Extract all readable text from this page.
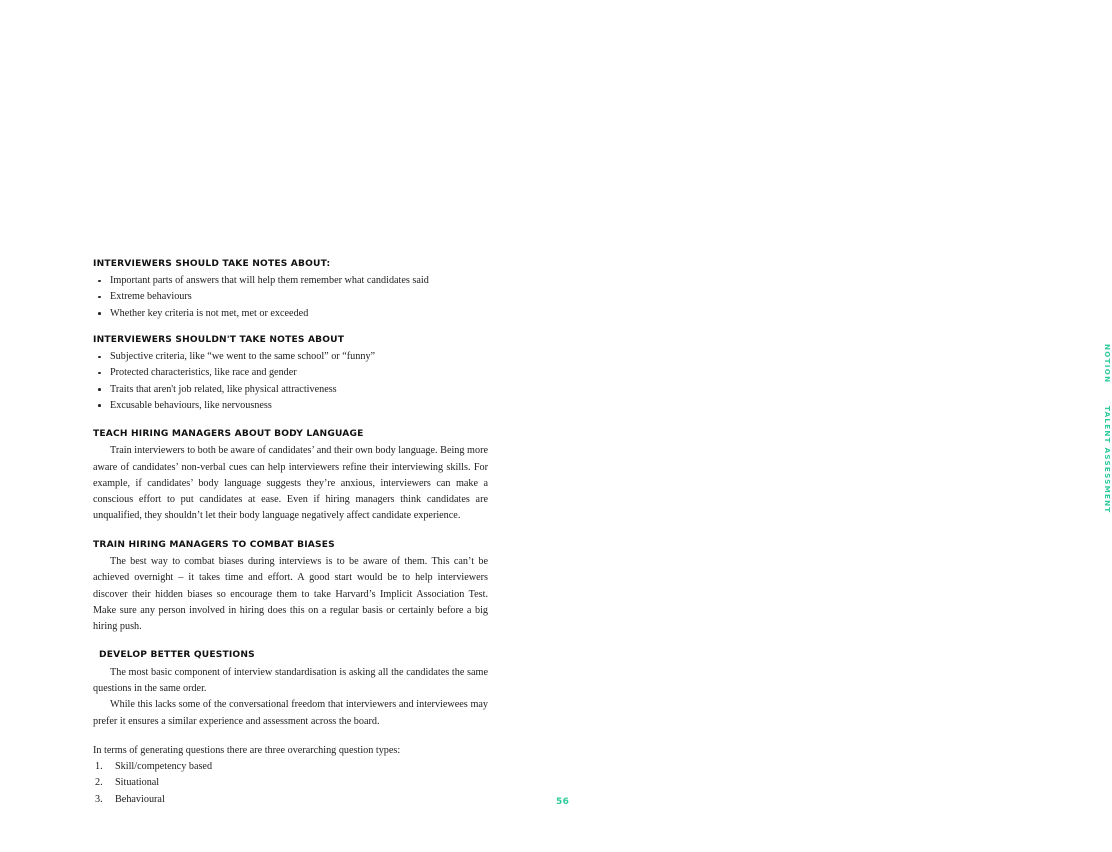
INTERVIEWERS SHOULD TAKE NOTES ABOUT:
Important parts of answers that will help them remember what candidates said
Extreme behaviours
Whether key criteria is not met, met or exceeded
INTERVIEWERS SHOULDN'T TAKE NOTES ABOUT
Subjective criteria, like “we went to the same school” or “funny”
Protected characteristics, like race and gender
Traits that aren't job related, like physical attractiveness
Excusable behaviours, like nervousness
TEACH HIRING MANAGERS ABOUT BODY LANGUAGE

Train interviewers to both be aware of candidates’ and their own body language. Being more aware of candidates’ non-verbal cues can help interviewers refine their interviewing skills. For example, if candidates’ body language suggests they’re anxious, interviewers can make a conscious effort to put candidates at ease. Even if hiring managers think candidates are unqualified, they shouldn’t let their body language negatively affect candidate experience.

TRAIN HIRING MANAGERS TO COMBAT BIASES

The best way to combat biases during interviews is to be aware of them. This can’t be achieved overnight – it takes time and effort. A good start would be to help interviewers discover their hidden biases so encourage them to take Harvard’s Implicit Association Test. Make sure any person involved in hiring does this on a regular basis or certainly before a big hiring push.

DEVELOP BETTER QUESTIONS

The most basic component of interview standardisation is asking all the candidates the same questions in the same order.

While this lacks some of the conversational freedom that interviewers and interviewees may prefer it ensures a similar experience and assessment across the board.

In terms of generating questions there are three overarching question types:

1.	Skill/competency based
2.	Situational
3.	Behavioural
NOTION
TALENT ASSESSMENT
56
